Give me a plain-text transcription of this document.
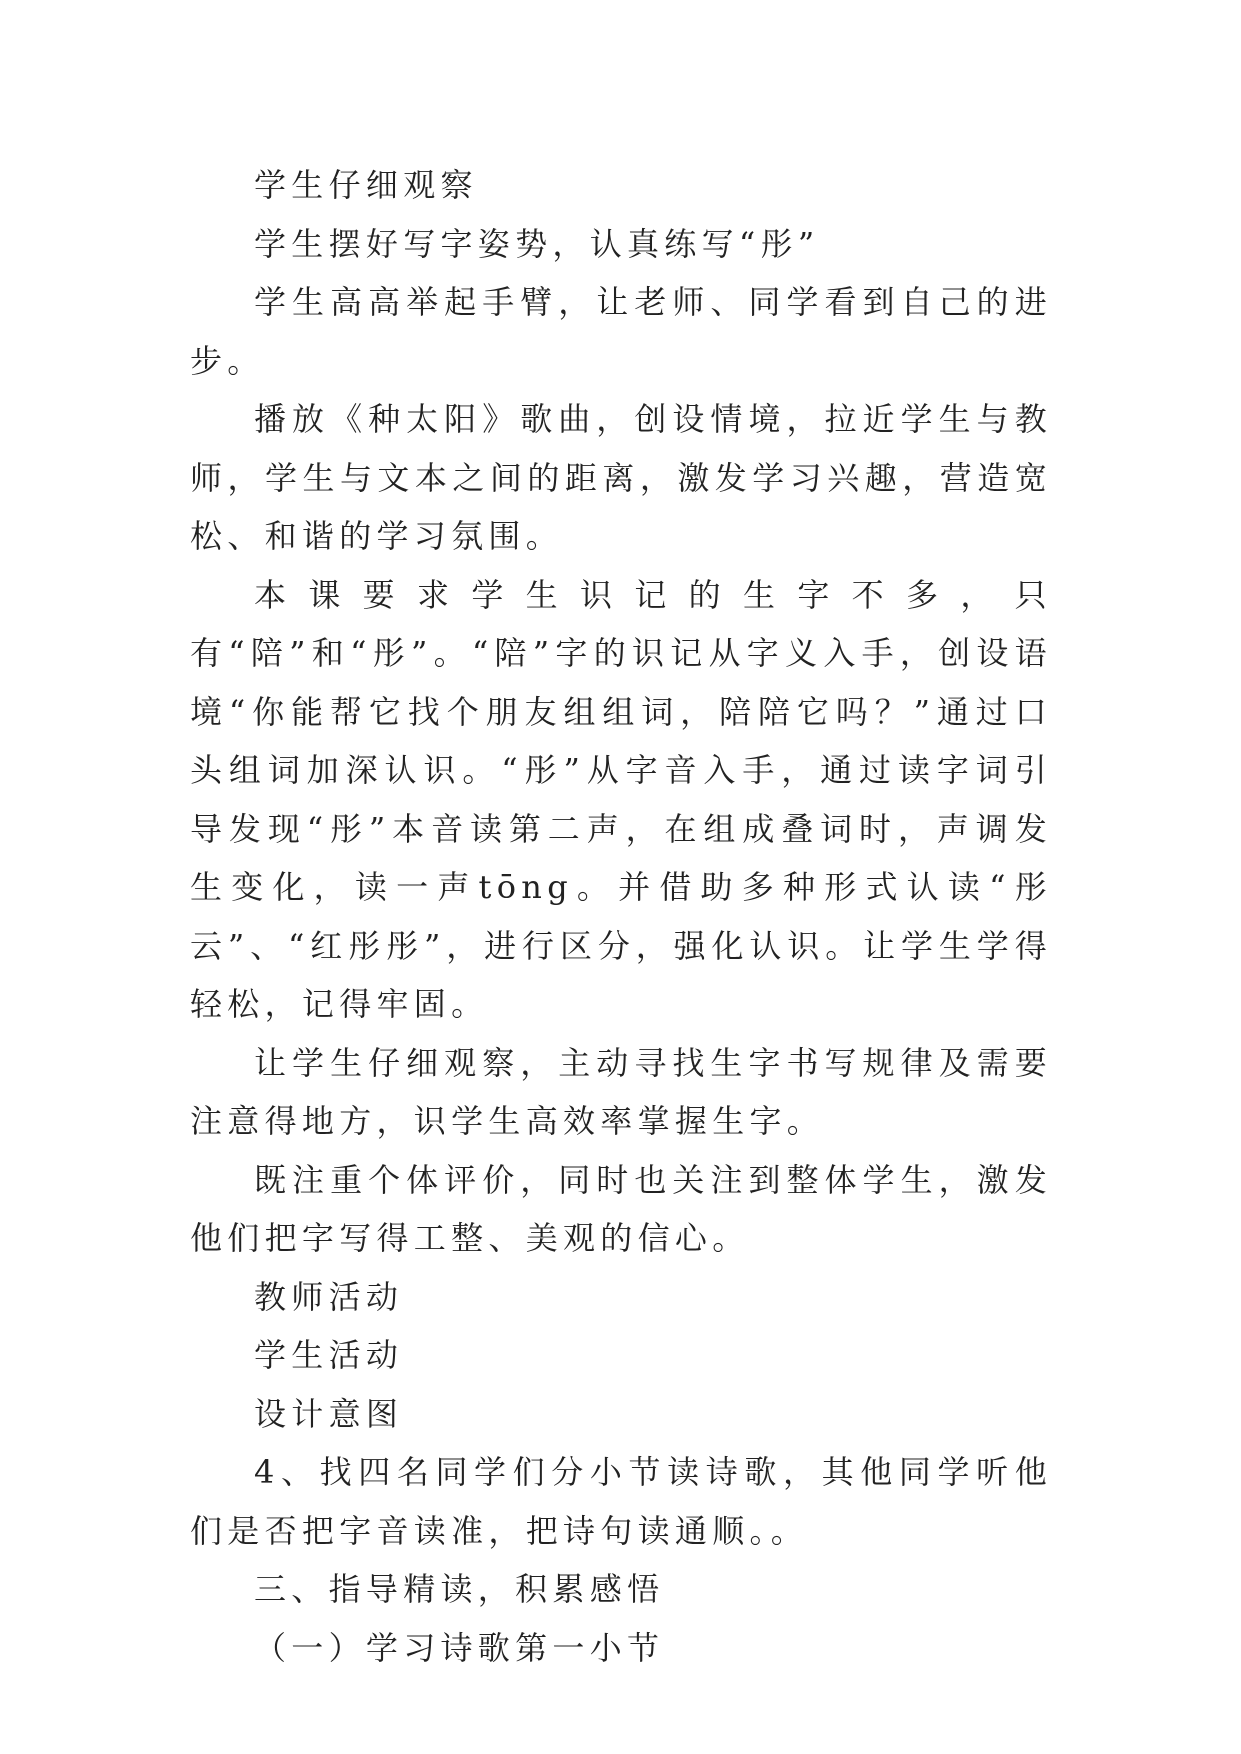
学生仔细观察

学生摆好写字姿势，认真练写“彤”

学生高高举起手臂，让老师、同学看到自己的进步。

播放《种太阳》歌曲，创设情境，拉近学生与教师，学生与文本之间的距离，激发学习兴趣，营造宽松、和谐的学习氛围。

本课要求学生识记的生字不多，只有“陪”和“彤”。“陪”字的识记从字义入手，创设语境“你能帮它找个朋友组组词，陪陪它吗？”通过口头组词加深认识。“彤”从字音入手，通过读字词引导发现“彤”本音读第二声，在组成叠词时，声调发生变化，读一声tōng。并借助多种形式认读“彤云”、“红彤彤”，进行区分，强化认识。让学生学得轻松，记得牢固。

让学生仔细观察，主动寻找生字书写规律及需要注意得地方，识学生高效率掌握生字。

既注重个体评价，同时也关注到整体学生，激发他们把字写得工整、美观的信心。

教师活动

学生活动

设计意图

4、找四名同学们分小节读诗歌，其他同学听他们是否把字音读准，把诗句读通顺。。

三、指导精读，积累感悟

（一）学习诗歌第一小节
